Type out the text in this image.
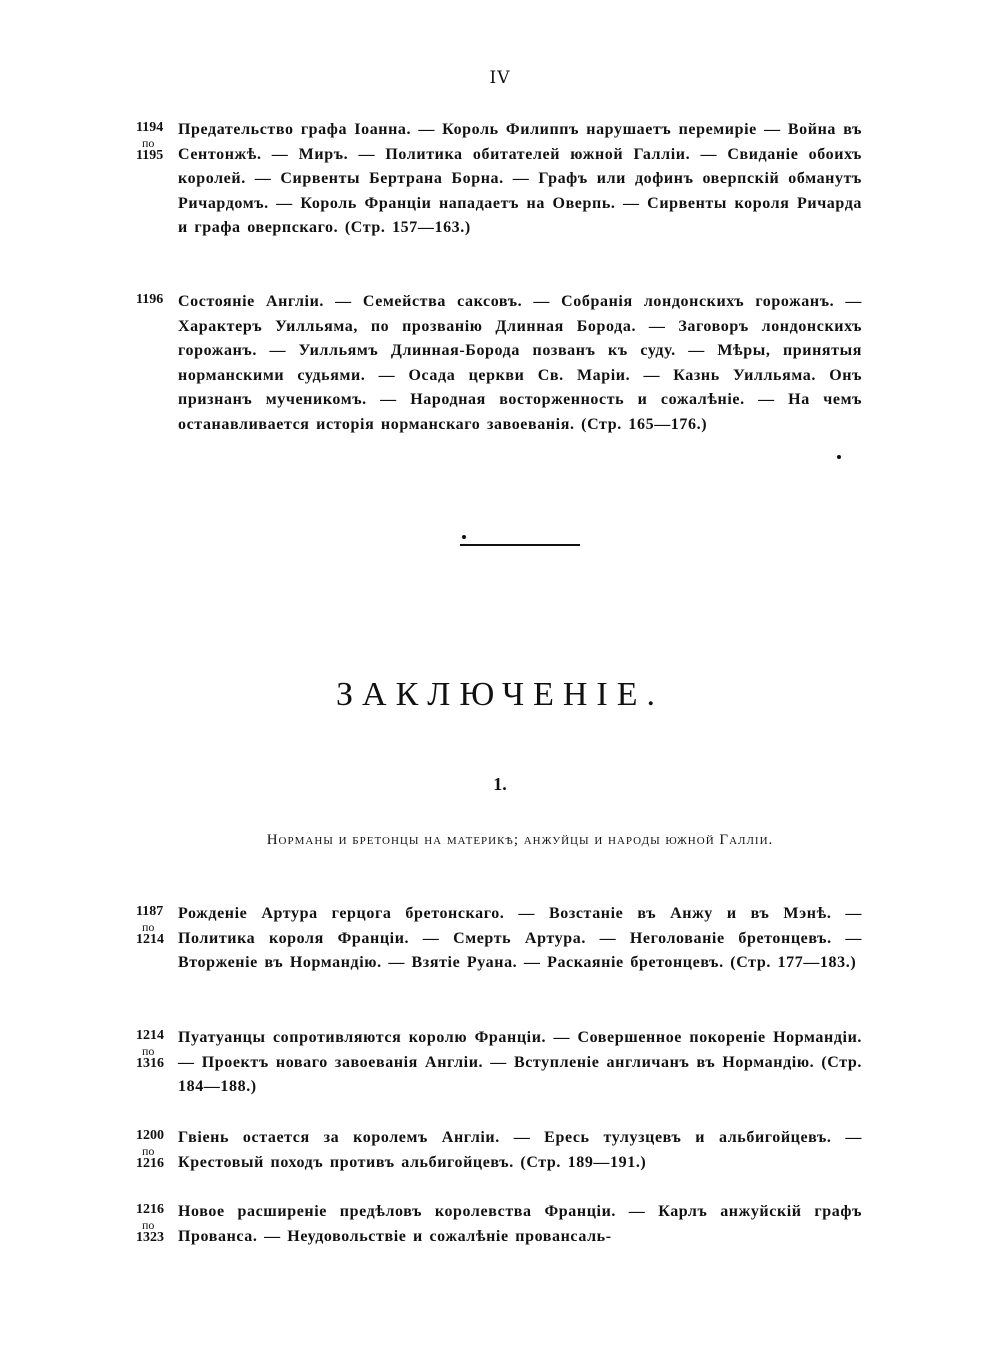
IV
1194
по
1195
Предательство графа Іоанна. — Король Филиппъ нарушаетъ перемиріе — Война въ Сентонжѣ. — Миръ. — Политика обитателей южной Галліи. — Свиданіе обоихъ королей. — Сирвенты Бертрана Борна. — Графъ или дофинъ оверпскій обманутъ Ричардомъ. — Король Франціи нападаетъ на Оверпь. — Сирвенты короля Ричарда и графа оверпскаго. (Стр. 157—163.)
1196 Состояніе Англіи. — Семейства саксовъ. — Собранія лондонскихъ горожанъ. — Характеръ Уилльяма, по прозванію Длинная Борода. — Заговоръ лондонскихъ горожанъ. — Уилльямъ Длинная-Борода позванъ къ суду. — Мѣры, принятыя норманскими судьями. — Осада церкви Св. Маріи. — Казнь Уилльяма. Онъ признанъ мученикомъ. — Народная восторженность и сожалѣніе. — На чемъ останавливается исторія норманскаго завоеванія. (Стр. 165—176.)
ЗАКЛЮЧЕНІЕ.
1.
Норманы и бретонцы на материкѣ; анжуйцы и народы южной Галліи.
1187
по
1214
Рожденіе Артура герцога бретонскаго. — Возстаніе въ Анжу и въ Мэнѣ. — Политика короля Франціи. — Смерть Артура. — Неголованіе бретонцевъ. — Вторженіе въ Нормандію. — Взятіе Руана. — Раскаяніе бретонцевъ. (Стр. 177—183.)
1214
по
1316
Пуатуанцы сопротивляются королю Франціи. — Совершенное покореніе Нормандіи. — Проектъ новаго завоеванія Англіи. — Вступленіе англичанъ въ Нормандію. (Стр. 184—188.)
1200
по
1216
Гвіень остается за королемъ Англіи. — Ересь тулузцевъ и альбигойцевъ. — Крестовый походъ противъ альбигойцевъ. (Стр. 189—191.)
1216
по
1323
Новое расширеніе предѣловъ королевства Франціи. — Карлъ анжуйскій графъ Прованса. — Неудовольствіе и сожалѣніе провансаль-
